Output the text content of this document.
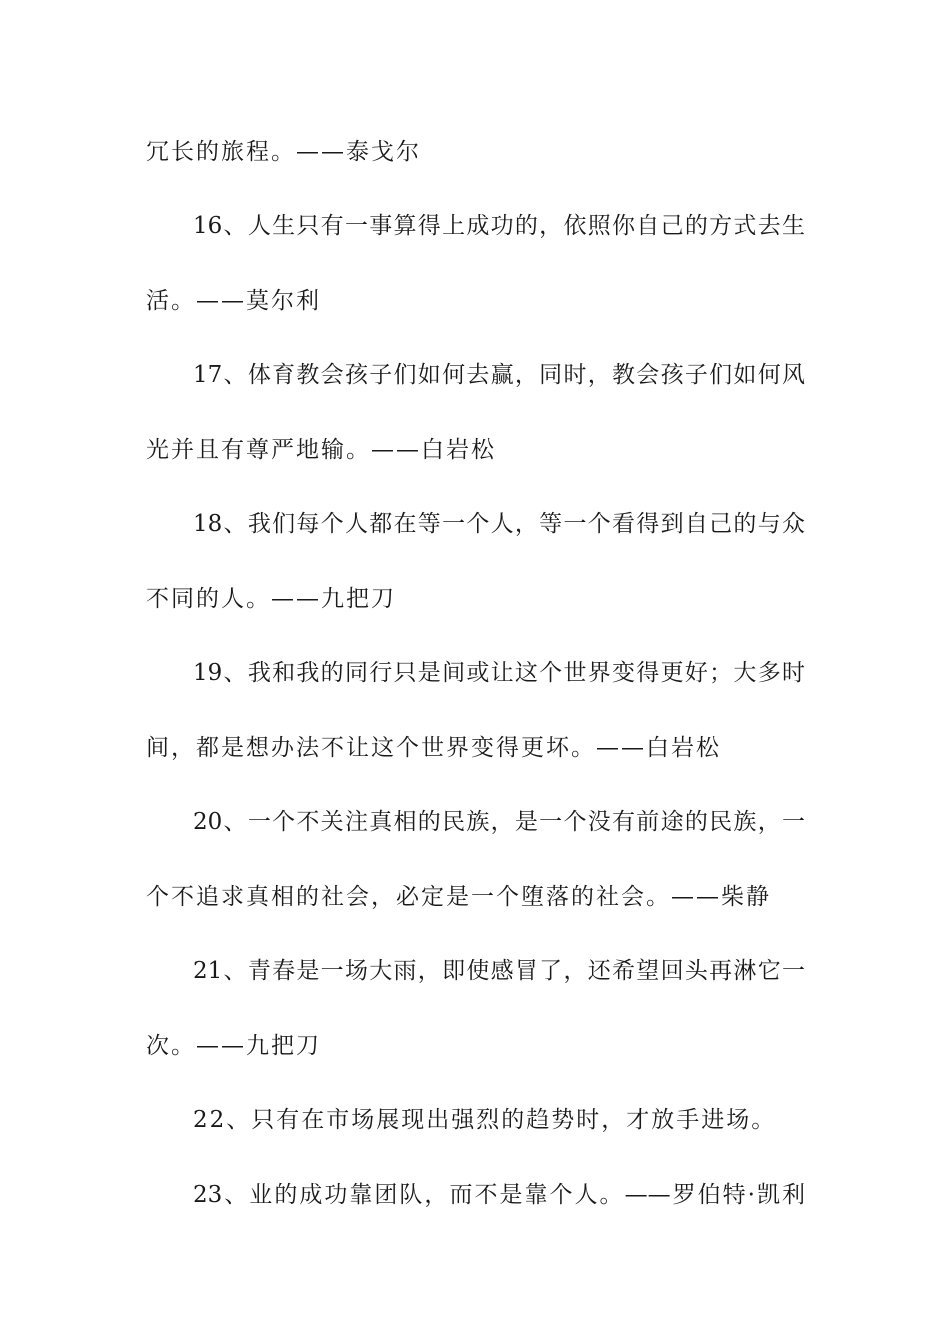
冗长的旅程。——泰戈尔
16、人生只有一事算得上成功的，依照你自己的方式去生
活。——莫尔利
17、体育教会孩子们如何去赢，同时，教会孩子们如何风
光并且有尊严地输。——白岩松
18、我们每个人都在等一个人，等一个看得到自己的与众
不同的人。——九把刀
19、我和我的同行只是间或让这个世界变得更好；大多时
间，都是想办法不让这个世界变得更坏。——白岩松
20、一个不关注真相的民族，是一个没有前途的民族，一
个不追求真相的社会，必定是一个堕落的社会。——柴静
21、青春是一场大雨，即使感冒了，还希望回头再淋它一
次。——九把刀
22、只有在市场展现出强烈的趋势时，才放手进场。
23、业的成功靠团队，而不是靠个人。——罗伯特·凯利
